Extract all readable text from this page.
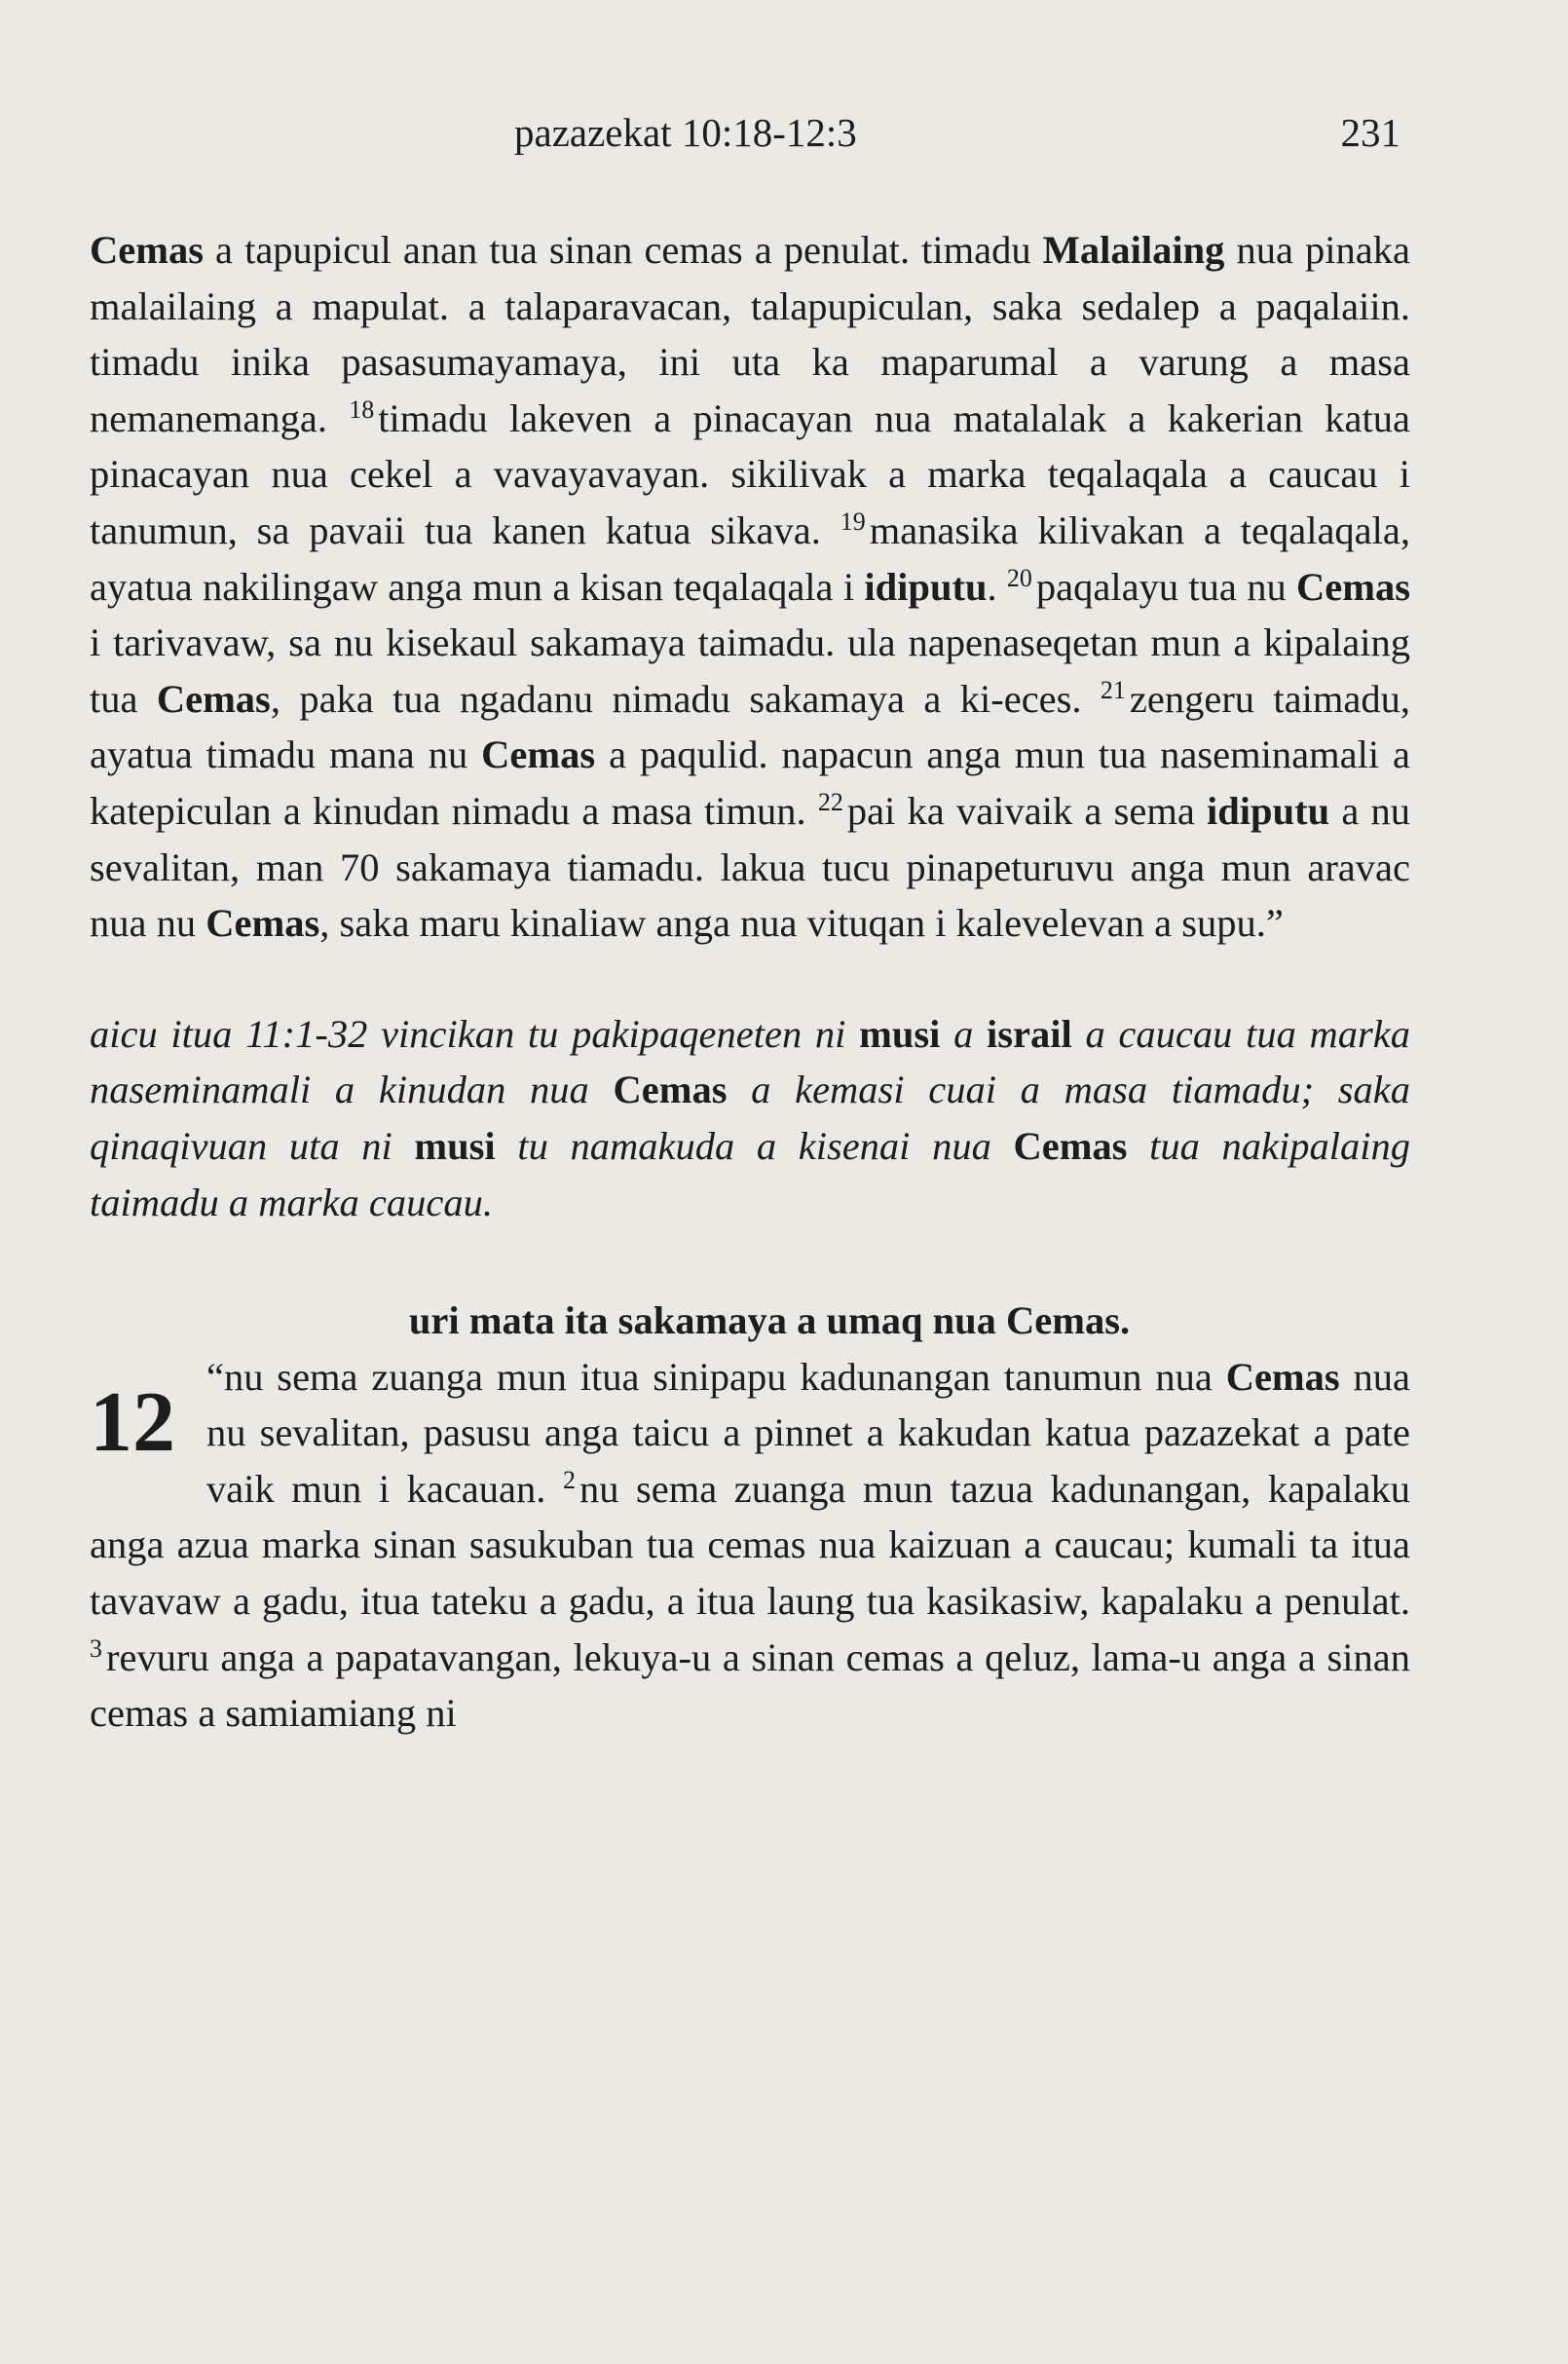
pazazekat 10:18-12:3	231

Cemas a tapupicul anan tua sinan cemas a penulat. timadu Malailaing nua pinaka malailaing a mapulat. a talaparavacan, talapupiculan, saka sedalep a paqalaiin. timadu inika pasasumayamaya, ini uta ka maparumal a varung a masa nemanemanga. $^{18}$timadu lakeven a pinacayan nua matalalak a kakerian katua pinacayan nua cekel a vavayavayan. sikilivak a marka teqalaqala a caucau i tanumun, sa pavaii tua kanen katua sikava. $^{19}$manasika kilivakan a teqalaqala, ayatua nakilingaw anga mun a kisan teqalaqala i idiputu. $^{20}$paqalayu tua nu Cemas i tarivavaw, sa nu kisekaul sakamaya taimadu. ula napenaseqetan mun a kipalaing tua Cemas, paka tua ngadanu nimadu sakamaya a ki-eces. $^{21}$zengeru taimadu, ayatua timadu mana nu Cemas a paqulid. napacun anga mun tua naseminamali a katepiculan a kinudan nimadu a masa timun. $^{22}$pai ka vaivaik a sema idiputu a nu sevalitan, man 70 sakamaya tiamadu. lakua tucu pinapeturuvu anga mun aravac nua nu Cemas, saka maru kinaliaw anga nua vituqan i kalevelevan a supu.”

aicu itua 11:1-32 vincikan tu pakipaqeneten ni musi a israil a caucau tua marka naseminamali a kinudan nua Cemas a kemasi cuai a masa tiamadu; saka qinaqivuan uta ni musi tu namakuda a kisenai nua Cemas tua nakipalaing taimadu a marka caucau.

uri mata ita sakamaya a umaq nua Cemas.

12 “nu sema zuanga mun itua sinipapu kadunangan tanumun nua Cemas nua nu sevalitan, pasusu anga taicu a pinnet a kakudan katua pazazekat a pate vaik mun i kacauan. $^2$nu sema zuanga mun tazua kadunangan, kapalaku anga azua marka sinan sasukuban tua cemas nua kaizuan a caucau; kumali ta itua tavavaw a gadu, itua tateku a gadu, a itua laung tua kasikasiw, kapalaku a penulat. $^3$revuru anga a papatavangan, lekuya-u a sinan cemas a qeluz, lama-u anga a sinan cemas a samiamiang ni
